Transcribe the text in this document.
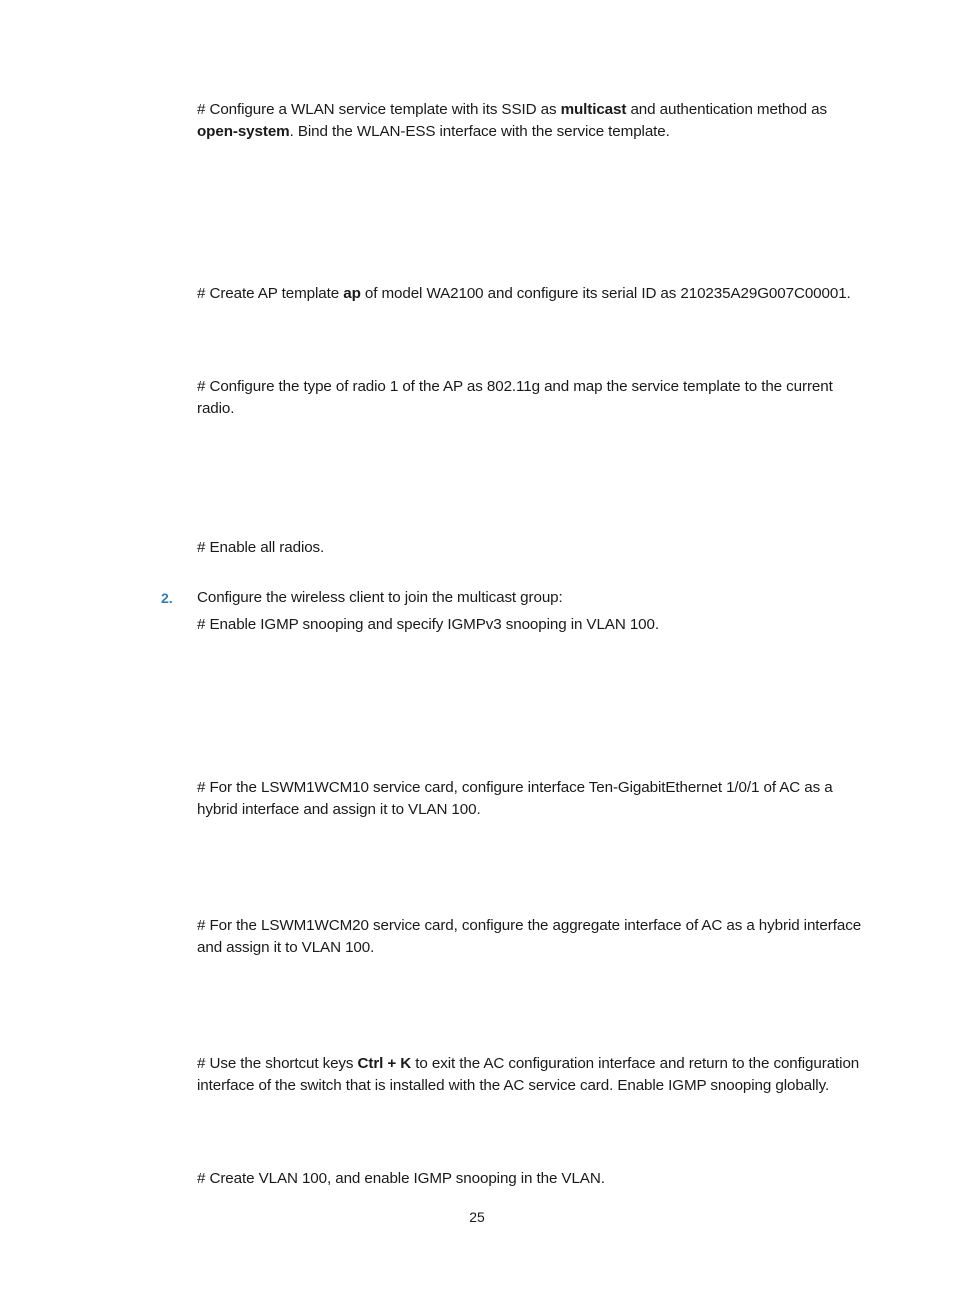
# Configure a WLAN service template with its SSID as multicast and authentication method as open-system. Bind the WLAN-ESS interface with the service template.

# Create AP template ap of model WA2100 and configure its serial ID as 210235A29G007C00001.

# Configure the type of radio 1 of the AP as 802.11g and map the service template to the current radio.

# Enable all radios.

2. Configure the wireless client to join the multicast group:

# Enable IGMP snooping and specify IGMPv3 snooping in VLAN 100.

# For the LSWM1WCM10 service card, configure interface Ten-GigabitEthernet 1/0/1 of AC as a hybrid interface and assign it to VLAN 100.

# For the LSWM1WCM20 service card, configure the aggregate interface of AC as a hybrid interface and assign it to VLAN 100.

# Use the shortcut keys Ctrl + K to exit the AC configuration interface and return to the configuration interface of the switch that is installed with the AC service card. Enable IGMP snooping globally.

# Create VLAN 100, and enable IGMP snooping in the VLAN.

25
